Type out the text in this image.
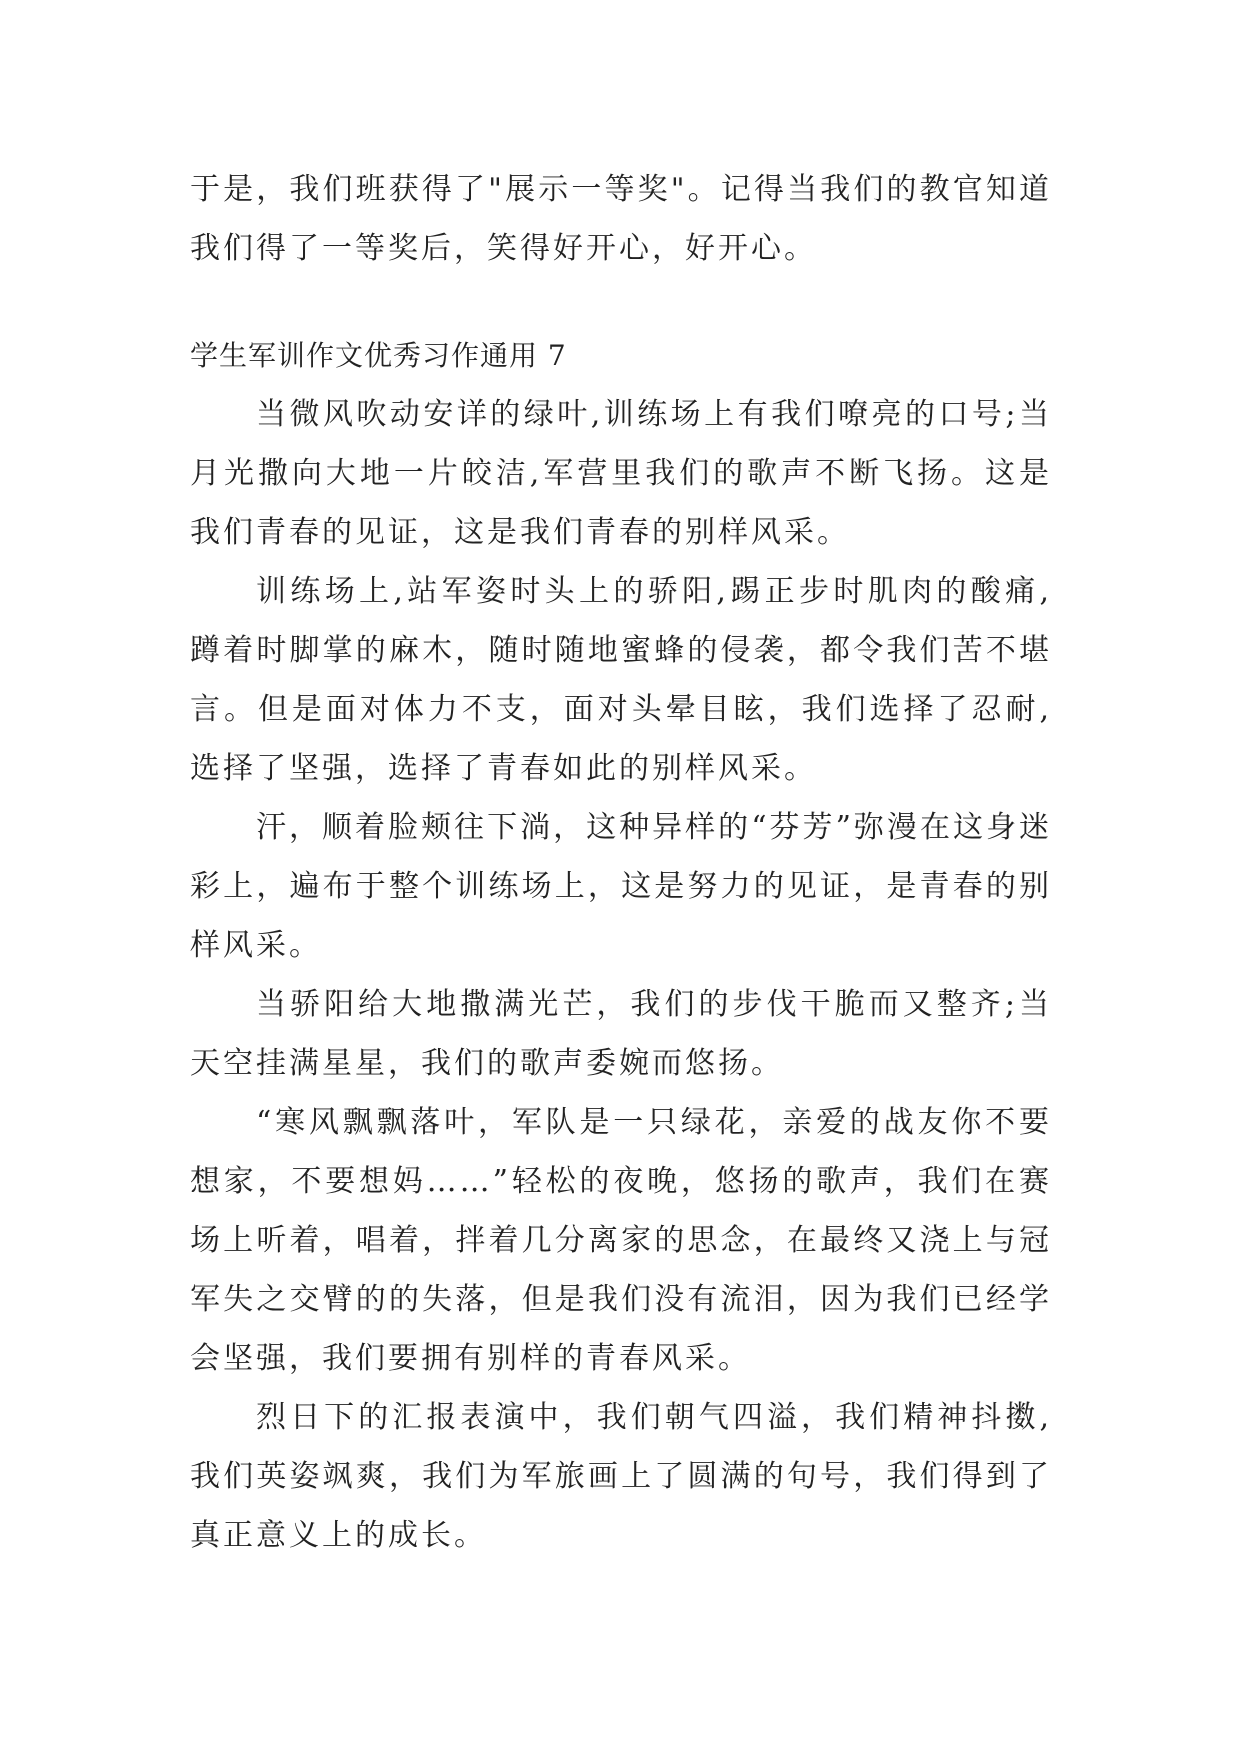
于是，我们班获得了"展示一等奖"。记得当我们的教官知道我们得了一等奖后，笑得好开心，好开心。

学生军训作文优秀习作通用 7

当微风吹动安详的绿叶,训练场上有我们嘹亮的口号;当月光撒向大地一片皎洁,军营里我们的歌声不断飞扬。这是我们青春的见证，这是我们青春的别样风采。

训练场上,站军姿时头上的骄阳,踢正步时肌肉的酸痛,蹲着时脚掌的麻木，随时随地蜜蜂的侵袭，都令我们苦不堪言。但是面对体力不支，面对头晕目眩，我们选择了忍耐,选择了坚强，选择了青春如此的别样风采。

汗，顺着脸颊往下淌，这种异样的“芬芳”弥漫在这身迷彩上，遍布于整个训练场上，这是努力的见证，是青春的别样风采。

当骄阳给大地撒满光芒，我们的步伐干脆而又整齐;当天空挂满星星，我们的歌声委婉而悠扬。

“寒风飘飘落叶，军队是一只绿花，亲爱的战友你不要想家，不要想妈……”轻松的夜晚，悠扬的歌声，我们在赛场上听着，唱着，拌着几分离家的思念，在最终又浇上与冠军失之交臂的的失落，但是我们没有流泪，因为我们已经学会坚强，我们要拥有别样的青春风采。

烈日下的汇报表演中，我们朝气四溢，我们精神抖擞,我们英姿飒爽，我们为军旅画上了圆满的句号，我们得到了真正意义上的成长。
